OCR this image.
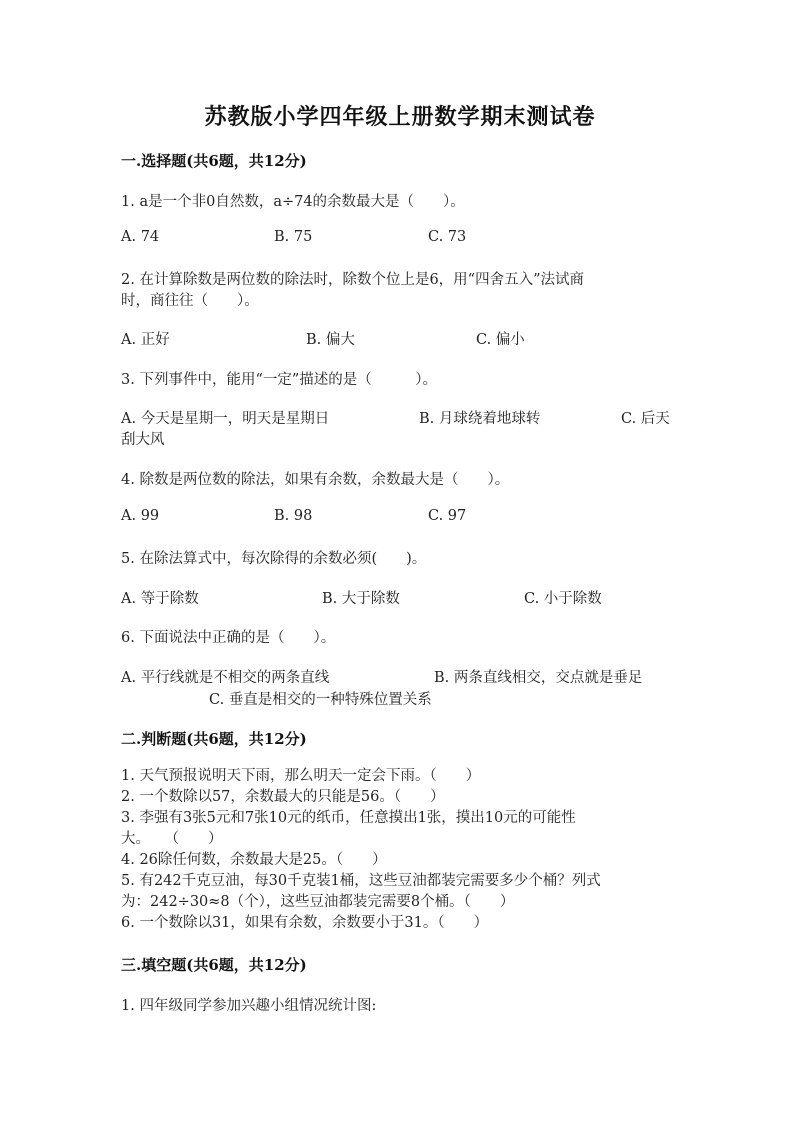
苏教版小学四年级上册数学期末测试卷
一.选择题(共6题，共12分)
1. a是一个非0自然数，a÷74的余数最大是（　　）。
A. 74	B. 75	C. 73
2. 在计算除数是两位数的除法时，除数个位上是6，用“四舍五入”法试商
时，商往往（　　）。
A. 正好	B. 偏大	C. 偏小
3. 下列事件中，能用“一定”描述的是（　　　）。
A. 今天是星期一，明天是星期日	B. 月球绕着地球转	C. 后天
刮大风
4. 除数是两位数的除法，如果有余数，余数最大是（　　）。
A. 99	B. 98	C. 97
5. 在除法算式中，每次除得的余数必须(　　)。
A. 等于除数	B. 大于除数	C. 小于除数
6. 下面说法中正确的是（　　）。
A. 平行线就是不相交的两条直线	B. 两条直线相交，交点就是垂足
C. 垂直是相交的一种特殊位置关系
二.判断题(共6题，共12分)
1. 天气预报说明天下雨，那么明天一定会下雨。（　　）
2. 一个数除以57，余数最大的只能是56。（　　）
3. 李强有3张5元和7张10元的纸币，任意摸出1张，摸出10元的可能性
大。　　（　　）
4. 26除任何数，余数最大是25。（　　）
5. 有242千克豆油，每30千克装1桶，这些豆油都装完需要多少个桶？列式
为：242÷30≈8（个），这些豆油都装完需要8个桶。（　　）
6. 一个数除以31，如果有余数，余数要小于31。（　　）
三.填空题(共6题，共12分)
1. 四年级同学参加兴趣小组情况统计图:
